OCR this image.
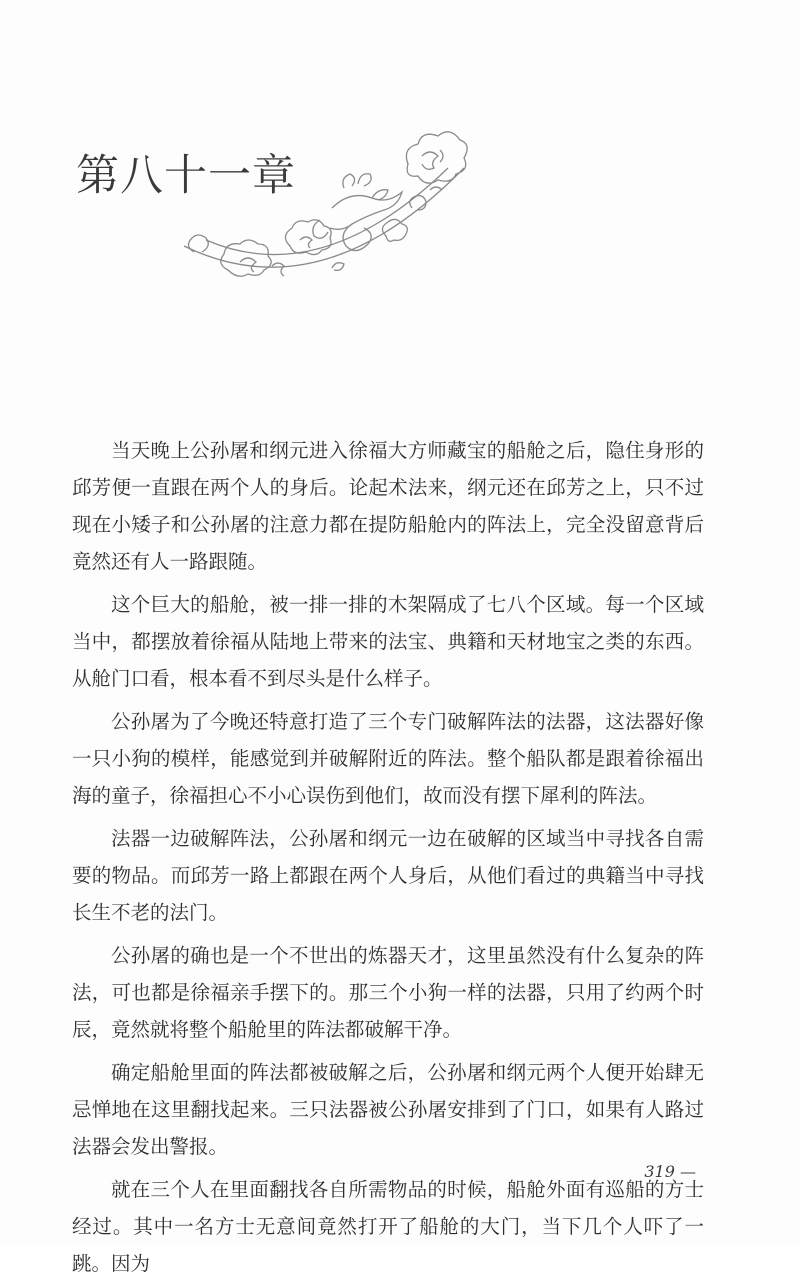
第八十一章

当天晚上公孙屠和纲元进入徐福大方师藏宝的船舱之后，隐住身形的邱芳便一直跟在两个人的身后。论起术法来，纲元还在邱芳之上，只不过现在小矮子和公孙屠的注意力都在提防船舱内的阵法上，完全没留意背后竟然还有人一路跟随。

这个巨大的船舱，被一排一排的木架隔成了七八个区域。每一个区域当中，都摆放着徐福从陆地上带来的法宝、典籍和天材地宝之类的东西。从舱门口看，根本看不到尽头是什么样子。

公孙屠为了今晚还特意打造了三个专门破解阵法的法器，这法器好像一只小狗的模样，能感觉到并破解附近的阵法。整个船队都是跟着徐福出海的童子，徐福担心不小心误伤到他们，故而没有摆下犀利的阵法。

法器一边破解阵法，公孙屠和纲元一边在破解的区域当中寻找各自需要的物品。而邱芳一路上都跟在两个人身后，从他们看过的典籍当中寻找长生不老的法门。

公孙屠的确也是一个不世出的炼器天才，这里虽然没有什么复杂的阵法，可也都是徐福亲手摆下的。那三个小狗一样的法器，只用了约两个时辰，竟然就将整个船舱里的阵法都破解干净。

确定船舱里面的阵法都被破解之后，公孙屠和纲元两个人便开始肆无忌惮地在这里翻找起来。三只法器被公孙屠安排到了门口，如果有人路过法器会发出警报。

就在三个人在里面翻找各自所需物品的时候，船舱外面有巡船的方士经过。其中一名方士无意间竟然打开了船舱的大门，当下几个人吓了一跳。因为

319 —
